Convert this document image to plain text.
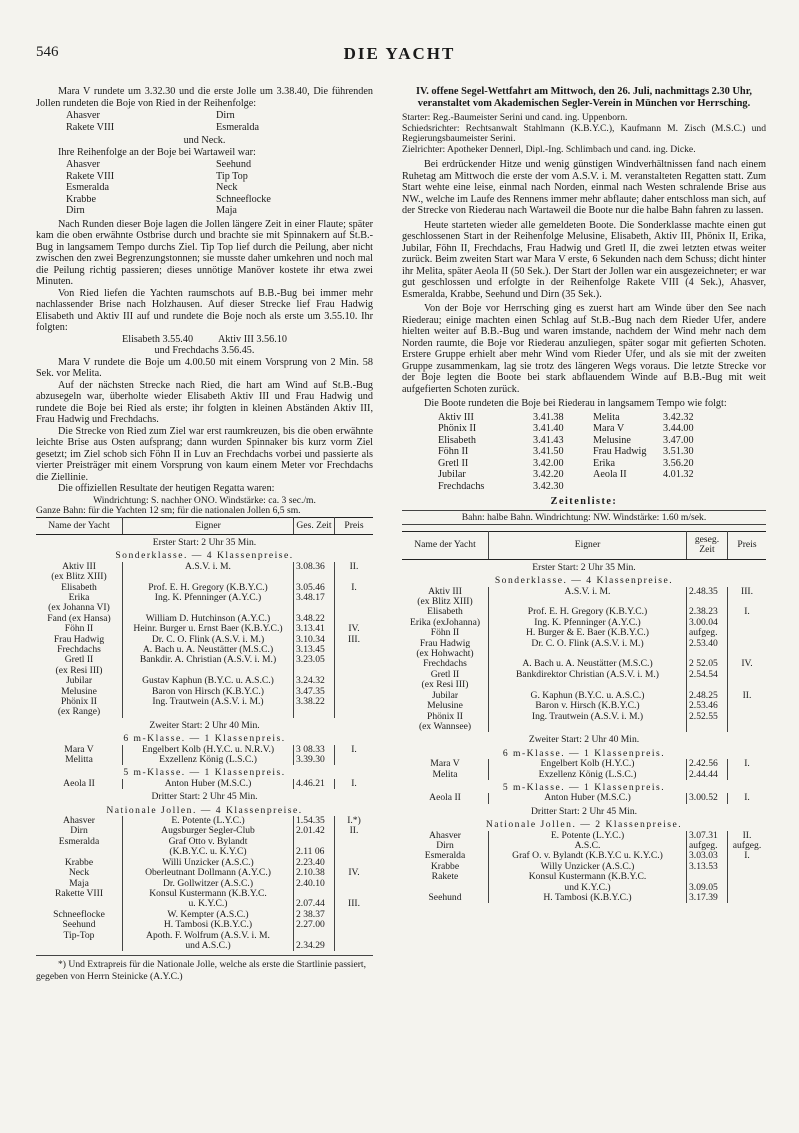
546	DIE YACHT

Mara V rundete um 3.32.30 und die erste Jolle um 3.38.40, Die führenden Jollen rundeten die Boje von Ried in der Reihenfolge:

Ahasver	Dirn
Rakete VIII	Esmeralda

und Neck.

Ihre Reihenfolge an der Boje bei Wartaweil war:

Ahasver	Seehund
Rakete VIII	Tip Top
Esmeralda	Neck
Krabbe	Schneeflocke
Dirn	Maja

Nach Runden dieser Boje lagen die Jollen längere Zeit in einer Flaute; später kam die oben erwähnte Ostbrise durch und brachte sie mit Spinnakern auf St.B.-Bug in langsamem Tempo durchs Ziel. Tip Top lief durch die Peilung, aber nicht zwischen den zwei Begrenzungstonnen; sie musste daher umkehren und noch mal die Peilung richtig passieren; dieses unnötige Manöver kostete ihr etwa zwei Minuten.

Von Ried liefen die Yachten raumschots auf B.B.-Bug bei immer mehr nachlassender Brise nach Holzhausen. Auf dieser Strecke lief Frau Hadwig Elisabeth und Aktiv III auf und rundete die Boje noch als erste um 3.55.10. Ihr folgten:

Elisabeth 3.55.40          Aktiv III 3.56.10

und Frechdachs 3.56.45.

Mara V rundete die Boje um 4.00.50 mit einem Vorsprung von 2 Min. 58 Sek. vor Melita.

Auf der nächsten Strecke nach Ried, die hart am Wind auf St.B.-Bug abzusegeln war, überholte wieder Elisabeth Aktiv III und Frau Hadwig und rundete die Boje bei Ried als erste; ihr folgten in kleinen Abständen Aktiv III, Frau Hadwig und Frechdachs.

Die Strecke von Ried zum Ziel war erst raumkreuzen, bis die oben erwähnte leichte Brise aus Osten aufsprang; dann wurden Spinnaker bis kurz vorm Ziel gesetzt; im Ziel schob sich Föhn II in Luv an Frechdachs vorbei und passierte als vierter Preisträger mit einem Vorsprung von kaum einem Meter vor Frechdachs die Ziellinie.

Die offiziellen Resultate der heutigen Regatta waren:

Windrichtung: S. nachher ONO. Windstärke: ca. 3 sec./m.

Ganze Bahn: für die Yachten 12 sm; für die nationalen Jollen 6,5 sm.

Name der Yacht	Eigner	Ges. Zeit	Preis
Erster Start: 2 Uhr 35 Min.			
Sonderklasse. — 4 Klassenpreise.			
Aktiv III
(ex Blitz XIII)	A.S.V. i. M.	3.08.36	II.
Elisabeth	Prof. E. H. Gregory (K.B.Y.C.)	3.05.46	I.
Erika
(ex Johanna VI)	Ing. K. Pfenninger (A.Y.C.)	3.48.17	
Fand (ex Hansa)	William D. Hutchinson (A.Y.C.)	3.48.22	
Föhn II	Heinr. Burger u. Ernst Baer (K.B.Y.C.)	3.13.41	IV.
Frau Hadwig	Dr. C. O. Flink (A.S.V. i. M.)	3.10.34	III.
Frechdachs	A. Bach u. A. Neustätter (M.S.C.)	3.13.45	
Gretl II
(ex Resi III)	Bankdir. A. Christian (A.S.V. i. M.)	3.23.05	
Jubilar	Gustav Kaphun (B.Y.C. u. A.S.C.)	3.24.32	
Melusine	Baron von Hirsch (K.B.Y.C.)	3.47.35	
Phönix II
(ex Range)	Ing. Trautwein (A.S.V. i. M.)	3.38.22	
Zweiter Start: 2 Uhr 40 Min.			
6 m-Klasse. — 1 Klassenpreis.			
Mara V	Engelbert Kolb (H.Y.C. u. N.R.V.)	3 08.33	I.
Melitta	Exzellenz König (L.S.C.)	3.39.30	
5 m-Klasse. — 1 Klassenpreis.			
Aeola II	Anton Huber (M.S.C.)	4.46.21	I.
Dritter Start: 2 Uhr 45 Min.			
Nationale Jollen. — 4 Klassenpreise.			
Ahasver	E. Potente (L.Y.C.)	1.54.35	I.*)
Dirn	Augsburger Segler-Club	2.01.42	II.
Esmeralda	Graf Otto v. Bylandt
(K.B.Y.C. u. K.Y.C)	2.11 06	
Krabbe	Willi Unzicker (A.S.C.)	2.23.40	
Neck	Oberleutnant Dollmann (A.Y.C.)	2.10.38	IV.
Maja	Dr. Gollwitzer (A.S.C.)	2.40.10	
Rakette VIII	Konsul Kustermann (K.B.Y.C.
u. K.Y.C.)	2.07.44	III.
Schneeflocke	W. Kempter (A.S.C.)	2 38.37	
Seehund	H. Tambosi (K.B.Y.C.)	2.27.00	
Tip-Top	Apoth. F. Wolfrum (A.S.V. i. M.
und A.S.C.)	2.34.29	
*) Und Extrapreis für die Nationale Jolle, welche als erste die Startlinie passiert, gegeben von Herrn Steinicke (A.Y.C.)
IV. offene Segel-Wettfahrt am Mittwoch, den 26. Juli, nachmittags 2.30 Uhr, veranstaltet vom Akademischen Segler-Verein in München vor Herrsching.

Starter: Reg.-Baumeister Serini und cand. ing. Uppenborn.

Schiedsrichter: Rechtsanwalt Stahlmann (K.B.Y.C.), Kaufmann M. Zisch (M.S.C.) und Regierungsbaumeister Serini.

Zielrichter: Apotheker Dennerl, Dipl.-Ing. Schlimbach und cand. ing. Dicke.

Bei erdrückender Hitze und wenig günstigen Windverhältnissen fand nach einem Ruhetag am Mittwoch die erste der vom A.S.V. i. M. veranstalteten Regatten statt. Zum Start wehte eine leise, einmal nach Norden, einmal nach Westen schralende Brise aus NW., welche im Laufe des Rennens immer mehr abflaute; daher entschloss man sich, auf der Strecke von Riederau nach Wartaweil die Boote nur die halbe Bahn fahren zu lassen.

Heute starteten wieder alle gemeldeten Boote. Die Sonderklasse machte einen gut geschlossenen Start in der Reihenfolge Melusine, Elisabeth, Aktiv III, Phönix II, Erika, Jubilar, Föhn II, Frechdachs, Frau Hadwig und Gretl II, die zwei letzten etwas weiter zurück. Beim zweiten Start war Mara V erste, 6 Sekunden nach dem Schuss; dicht hinter ihr Melita, später Aeola II (50 Sek.). Der Start der Jollen war ein ausgezeichneter; er war gut geschlossen und erfolgte in der Reihenfolge Rakete VIII (4 Sek.), Ahasver, Esmeralda, Krabbe, Seehund und Dirn (35 Sek.).

Von der Boje vor Herrsching ging es zuerst hart am Winde über den See nach Riederau; einige machten einen Schlag auf St.B.-Bug nach dem Rieder Ufer, andere hielten weiter auf B.B.-Bug und waren imstande, nachdem der Wind mehr nach dem Norden raumte, die Boje vor Riederau anzuliegen, später sogar mit gefierten Schoten. Erstere Gruppe erhielt aber mehr Wind vom Rieder Ufer, und als sie mit der zweiten Gruppe zusammenkam, lag sie trotz des längeren Wegs voraus. Die letzte Strecke vor der Boje legten die Boote bei stark abflauendem Winde auf B.B.-Bug mit weit aufgefierten Schoten zurück.

Die Boote rundeten die Boje bei Riederau in langsamem Tempo wie folgt:

Aktiv III	3.41.38	Melita	3.42.32
Phönix II	3.41.40	Mara V	3.44.00
Elisabeth	3.41.43	Melusine	3.47.00
Föhn II	3.41.50	Frau Hadwig	3.51.30
Gretl II	3.42.00	Erika	3.56.20
Jubilar	3.42.20	Aeola II	4.01.32
Frechdachs	3.42.30

Zeitenliste:

Bahn: halbe Bahn. Windrichtung: NW. Windstärke: 1.60 m/sek.
Name der Yacht	Eigner	geseg. Zeit	Preis
Erster Start: 2 Uhr 35 Min.			
Sonderklasse. — 4 Klassenpreise.			
Aktiv III
(ex Blitz XIII)	A.S.V. i. M.	2.48.35	III.
Elisabeth	Prof. E. H. Gregory (K.B.Y.C.)	2.38.23	I.
Erika (exJohanna)	Ing. K. Pfenninger (A.Y.C.)	3.00.04	
Föhn II	H. Burger & E. Baer (K.B.Y.C.)	aufgeg.	
Frau Hadwig
(ex Hohwacht)	Dr. C. O. Flink (A.S.V. i. M.)	2.53.40	
Frechdachs	A. Bach u. A. Neustätter (M.S.C.)	2 52.05	IV.
Gretl II
(ex Resi III)	Bankdirektor Christian (A.S.V. i. M.)	2.54.54	
Jubilar	G. Kaphun (B.Y.C. u. A.S.C.)	2.48.25	II.
Melusine	Baron v. Hirsch (K.B.Y.C.)	2.53.46	
Phönix II
(ex Wannsee)	Ing. Trautwein (A.S.V. i. M.)	2.52.55	
Zweiter Start: 2 Uhr 40 Min.			
6 m-Klasse. — 1 Klassenpreis.			
Mara V	Engelbert Kolb (H.Y.C.)	2.42.56	I.
Melita	Exzellenz König (L.S.C.)	2.44.44	
5 m-Klasse. — 1 Klassenpreis.			
Aeola II	Anton Huber (M.S.C.)	3.00.52	I.
Dritter Start: 2 Uhr 45 Min.			
Nationale Jollen. — 2 Klassenpreise.			
Ahasver	E. Potente (L.Y.C.)	3.07.31	II.
Dirn	A.S.C.	aufgeg.	aufgeg.
Esmeralda	Graf O. v. Bylandt (K.B.Y.C u. K.Y.C.)	3.03.03	I.
Krabbe	Willy Unzicker (A.S.C.)	3.13.53	
Rakete	Konsul Kustermann (K.B.Y.C.
und K.Y.C.)	3.09.05	
Seehund	H. Tambosi (K.B.Y.C.)	3.17.39	
